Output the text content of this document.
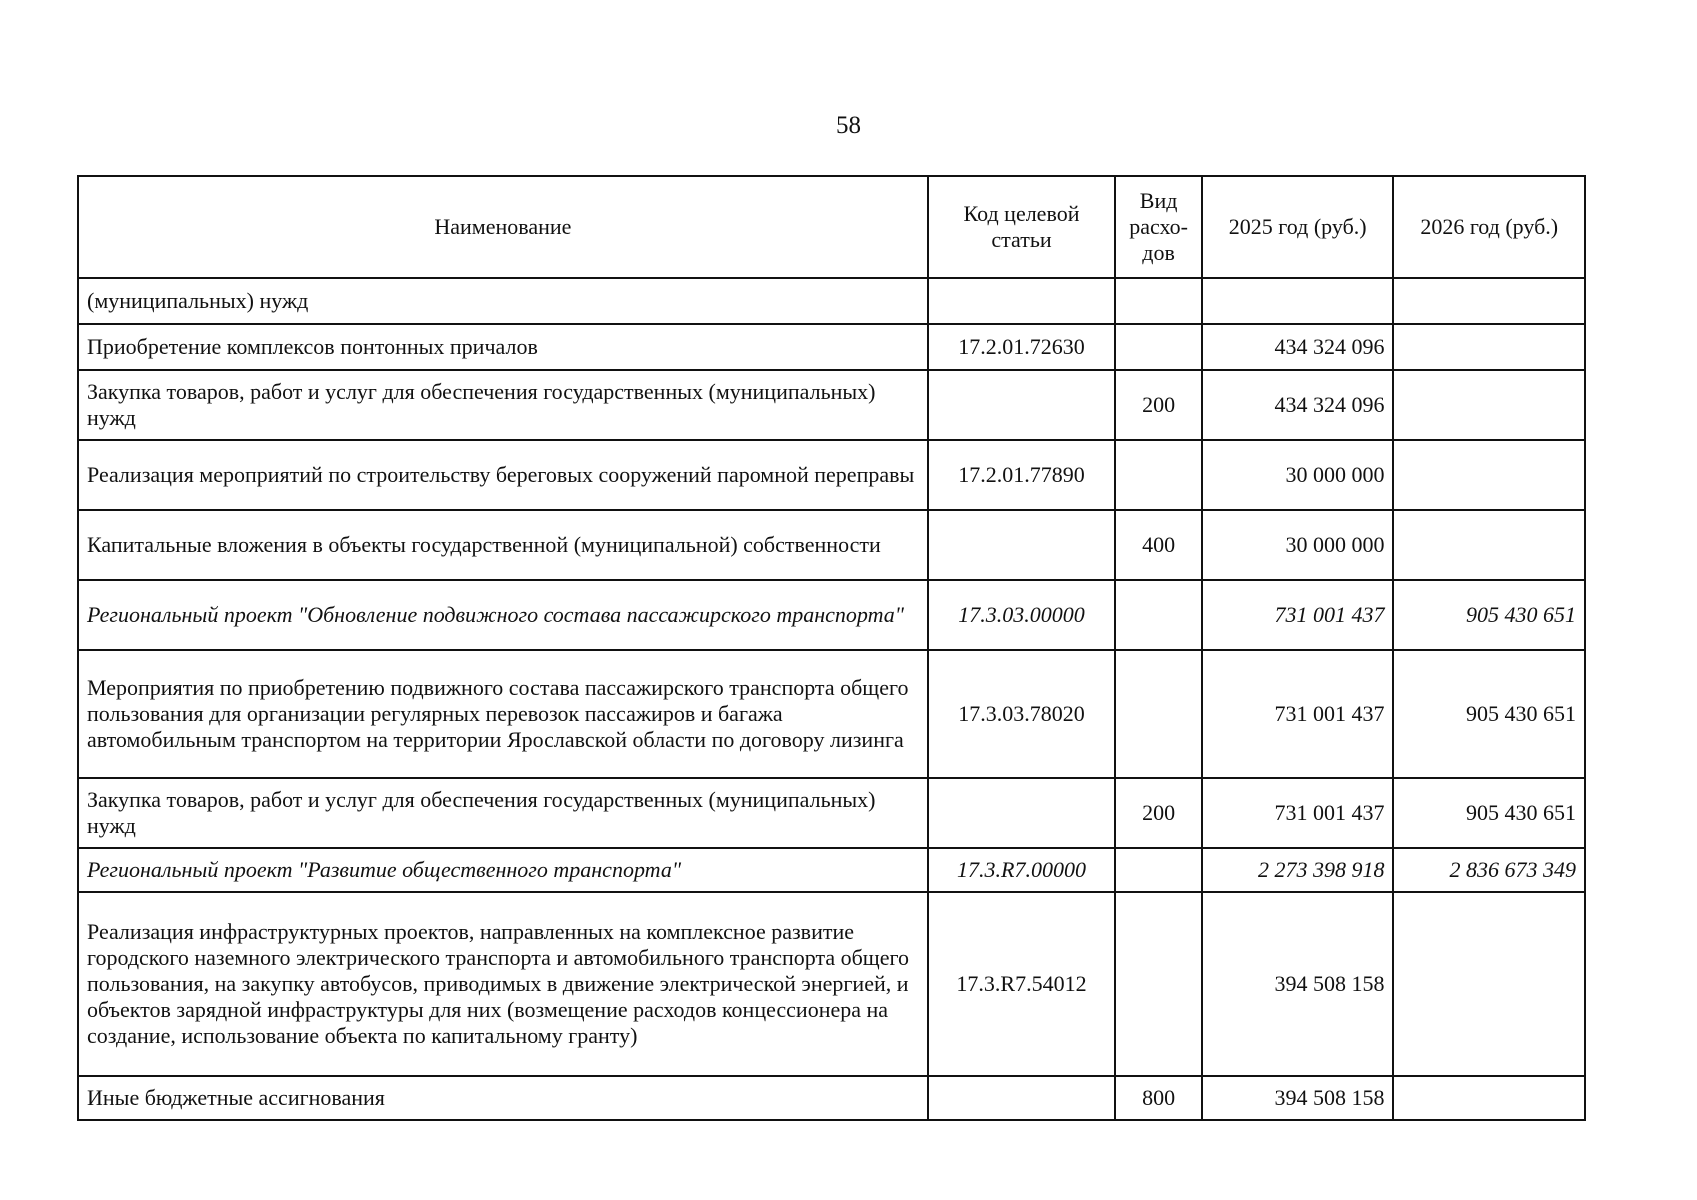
58
Наименование	Код целевой статьи	Вид расхо-дов	2025 год (руб.)	2026 год (руб.)
(муниципальных) нужд				
Приобретение комплексов понтонных причалов	17.2.01.72630		434 324 096	
Закупка товаров, работ и услуг для обеспечения государственных (муниципальных) нужд		200	434 324 096	
Реализация мероприятий по строительству береговых сооружений паромной переправы	17.2.01.77890		30 000 000	
Капитальные вложения в объекты государственной (муниципальной) собственности		400	30 000 000	
Региональный проект "Обновление подвижного состава пассажирского транспорта"	17.3.03.00000		731 001 437	905 430 651
Мероприятия по приобретению подвижного состава пассажирского транспорта общего пользования для организации регулярных перевозок пассажиров и багажа автомобильным транспортом на территории Ярославской области по договору лизинга	17.3.03.78020		731 001 437	905 430 651
Закупка товаров, работ и услуг для обеспечения государственных (муниципальных) нужд		200	731 001 437	905 430 651
Региональный проект "Развитие общественного транспорта"	17.3.R7.00000		2 273 398 918	2 836 673 349
Реализация инфраструктурных проектов, направленных на комплексное развитие городского наземного электрического транспорта и автомобильного транспорта общего пользования, на закупку автобусов, приводимых в движение электрической энергией, и объектов зарядной инфраструктуры для них (возмещение расходов концессионера на создание, использование объекта по капитальному гранту)	17.3.R7.54012		394 508 158	
Иные бюджетные ассигнования		800	394 508 158	
